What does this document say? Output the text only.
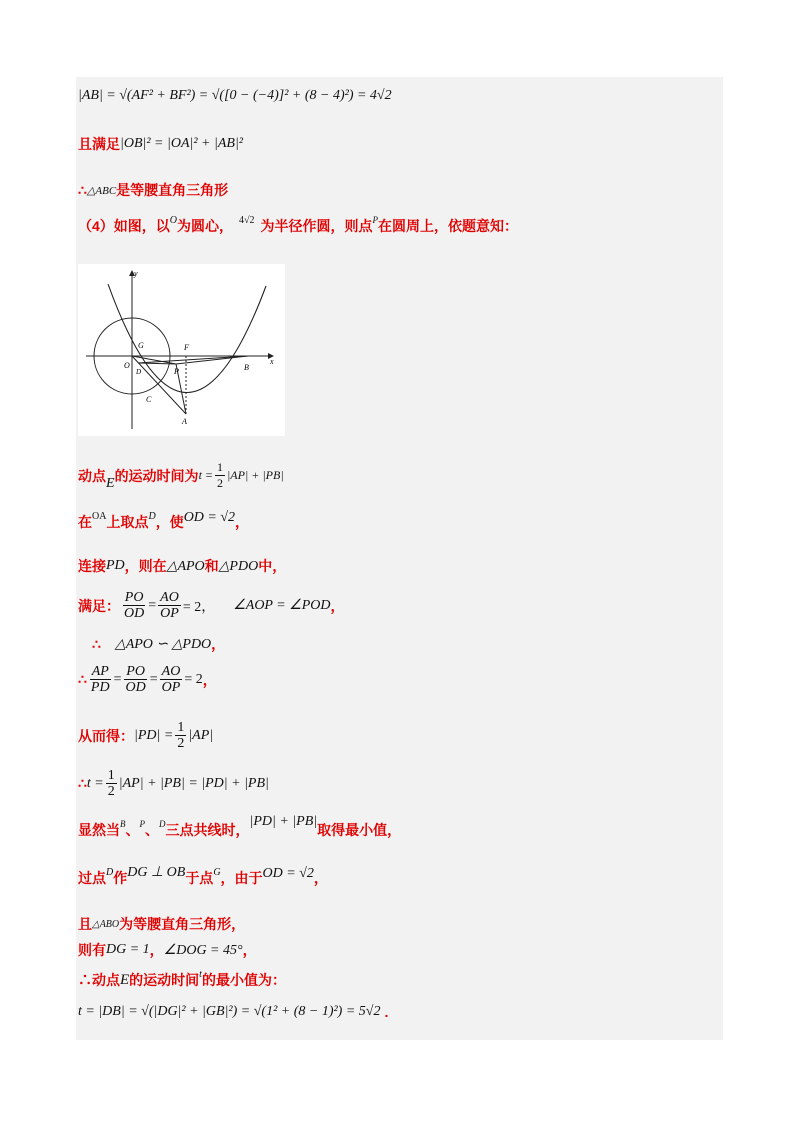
|AB| = √(AF² + BF²) = √([0 − (−4)]² + (8 − 4)²) = 4√2
且满足 |OB|² = |OA|² + |AB|²
∴ △ABC 是等腰直角三角形
（4）如图，以 O 为圆心， 4√2 为半径作圆，则点 P 在圆周上，依题意知：
y
x
G	F
O
D	P	B
C
A
动点 E 的运动时间为 $t = \frac{1}{2} |AP| + |PB|$
在 OA 上取点 D ，使 OD = √2 ，
连接 PD ，则在 △APO 和 △PDO 中，
满足： $\frac{PO}{OD} = \frac{AO}{OP} = 2$， ∠AOP = ∠POD ，
∴ △APO ∽ △PDO ，
∴ $\frac{AP}{PD} = \frac{PO}{OD} = \frac{AO}{OP} = 2$ ，
从而得： $|PD| = \frac{1}{2} |AP|$
∴ $t = \frac{1}{2} |AP| + |PB| = |PD| + |PB|$
显然当 B 、 P 、 D 三点共线时，
|PD| + |PB|
取得最小值，
过点 D 作 DG ⊥ OB 于点 G ，由于 OD = √2 ，
且 △ABO 为等腰直角三角形，
则有 DG = 1 ， ∠DOG = 45° ，
∴动点 E 的运动时间 t 的最小值为：
t = |DB| = √(|DG|² + |GB|²) = √(1² + (8 − 1)²) = 5√2 .
